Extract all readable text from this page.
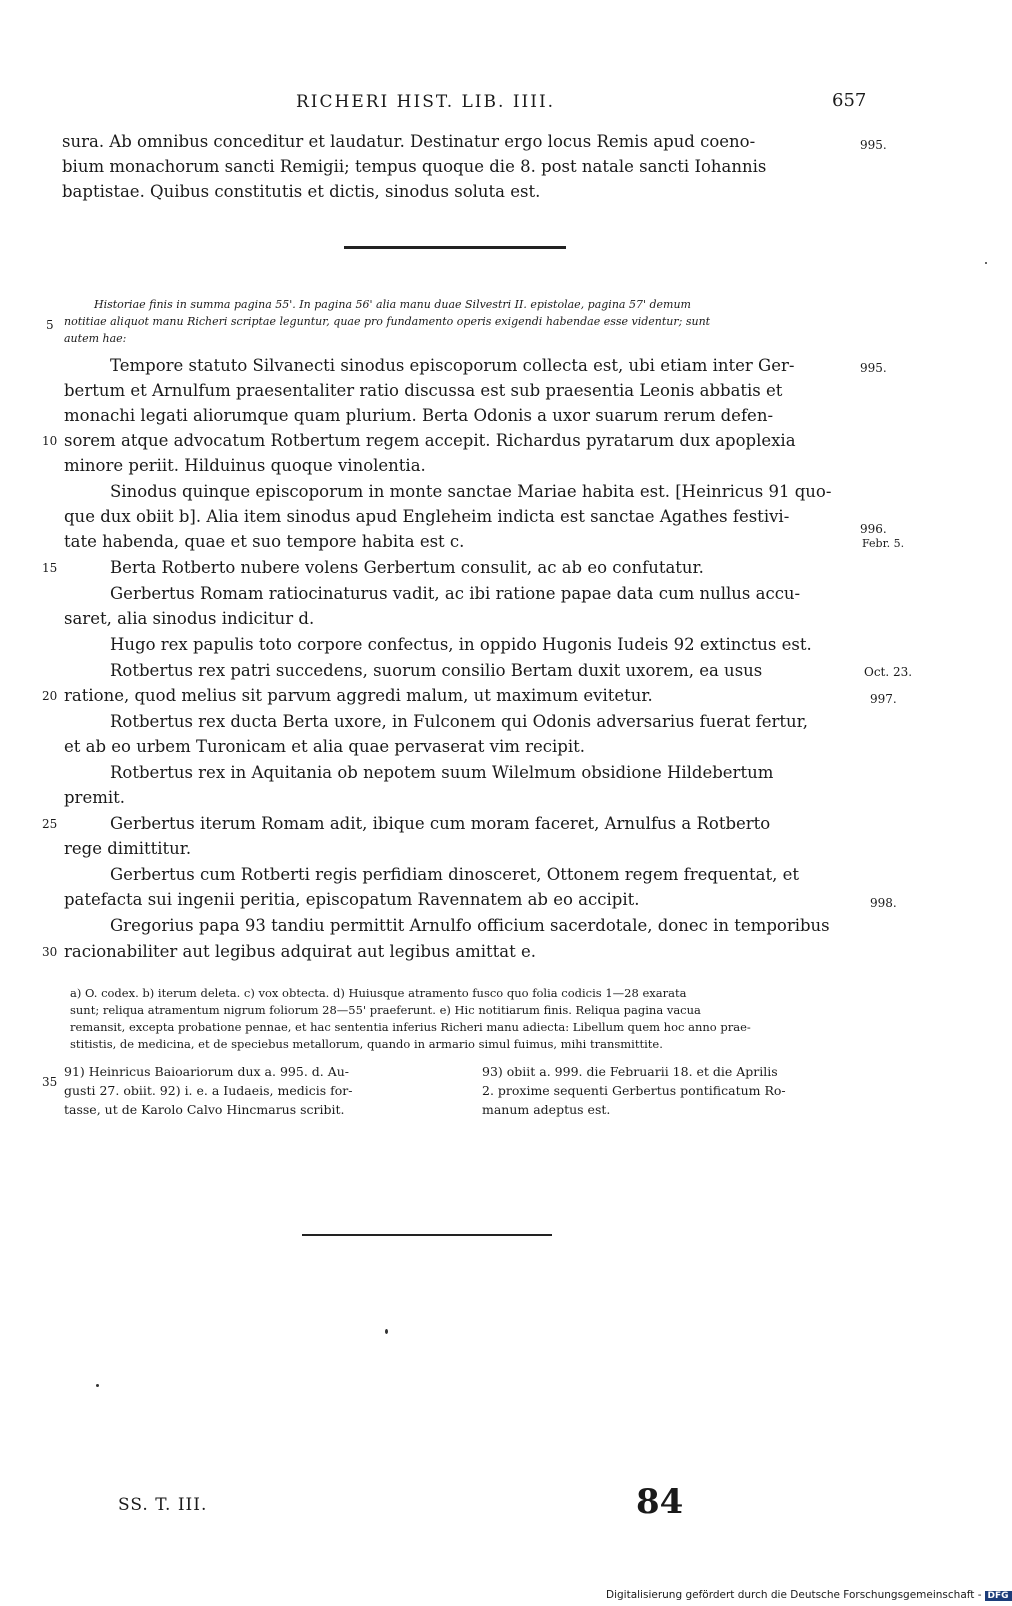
RICHERI HIST. LIB. IIII.	657
sura. Ab omnibus conceditur et laudatur. Destinatur ergo locus Remis apud coeno-
bium monachorum sancti Remigii; tempus quoque die 8. post natale sancti Iohannis
baptistae. Quibus constitutis et dictis, sinodus soluta est.
Historiae finis in summa pagina 55'. In pagina 56' alia manu duae Silvestri II. epistolae, pagina 57' demum
notitiae aliquot manu Richeri scriptae leguntur, quae pro fundamento operis exigendi habendae esse videntur; sunt
autem hae:
Tempore statuto Silvanecti sinodus episcoporum collecta est, ubi etiam inter Ger-
bertum et Arnulfum praesentaliter ratio discussa est sub praesentia Leonis abbatis et
monachi legati aliorumque quam plurium. Berta Odonis a uxor suarum rerum defen-
sorem atque advocatum Rotbertum regem accepit. Richardus pyratarum dux apoplexia
minore periit. Hilduinus quoque vinolentia.
Sinodus quinque episcoporum in monte sanctae Mariae habita est. [Heinricus 91 quo-
que dux obiit b]. Alia item sinodus apud Engleheim indicta est sanctae Agathes festivi-
tate habenda, quae et suo tempore habita est c.
Berta Rotberto nubere volens Gerbertum consulit, ac ab eo confutatur.
Gerbertus Romam ratiocinaturus vadit, ac ibi ratione papae data cum nullus accu-
saret, alia sinodus indicitur d.
Hugo rex papulis toto corpore confectus, in oppido Hugonis Iudeis 92 extinctus est.
Rotbertus rex patri succedens, suorum consilio Bertam duxit uxorem, ea usus
ratione, quod melius sit parvum aggredi malum, ut maximum evitetur.
Rotbertus rex ducta Berta uxore, in Fulconem qui Odonis adversarius fuerat fertur,
et ab eo urbem Turonicam et alia quae pervaserat vim recipit.
Rotbertus rex in Aquitania ob nepotem suum Wilelmum obsidione Hildebertum
premit.
Gerbertus iterum Romam adit, ibique cum moram faceret, Arnulfus a Rotberto
rege dimittitur.
Gerbertus cum Rotberti regis perfidiam dinosceret, Ottonem regem frequentat, et
patefacta sui ingenii peritia, episcopatum Ravennatem ab eo accipit.
Gregorius papa 93 tandiu permittit Arnulfo officium sacerdotale, donec in temporibus
racionabiliter aut legibus adquirat aut legibus amittat e.
5
10
15
20
25
30
35
995.
995.
996.
Febr. 5.
Oct. 23.
997.
998.
a) O. codex. b) iterum deleta. c) vox obtecta. d) Huiusque atramento fusco quo folia codicis 1—28 exarata
sunt; reliqua atramentum nigrum foliorum 28—55' praeferunt. e) Hic notitiarum finis. Reliqua pagina vacua
remansit, excepta probatione pennae, et hac sententia inferius Richeri manu adiecta: Libellum quem hoc anno prae-
stitistis, de medicina, et de speciebus metallorum, quando in armario simul fuimus, mihi transmittite.
91) Heinricus Baioariorum dux a. 995. d. Au-
gusti 27. obiit. 92) i. e. a Iudaeis, medicis for-
tasse, ut de Karolo Calvo Hincmarus scribit.
93) obiit a. 999. die Februarii 18. et die Aprilis
2. proxime sequenti Gerbertus pontificatum Ro-
manum adeptus est.
SS. T. III.	84
Digitalisierung gefördert durch die Deutsche Forschungsgemeinschaft - DFG
